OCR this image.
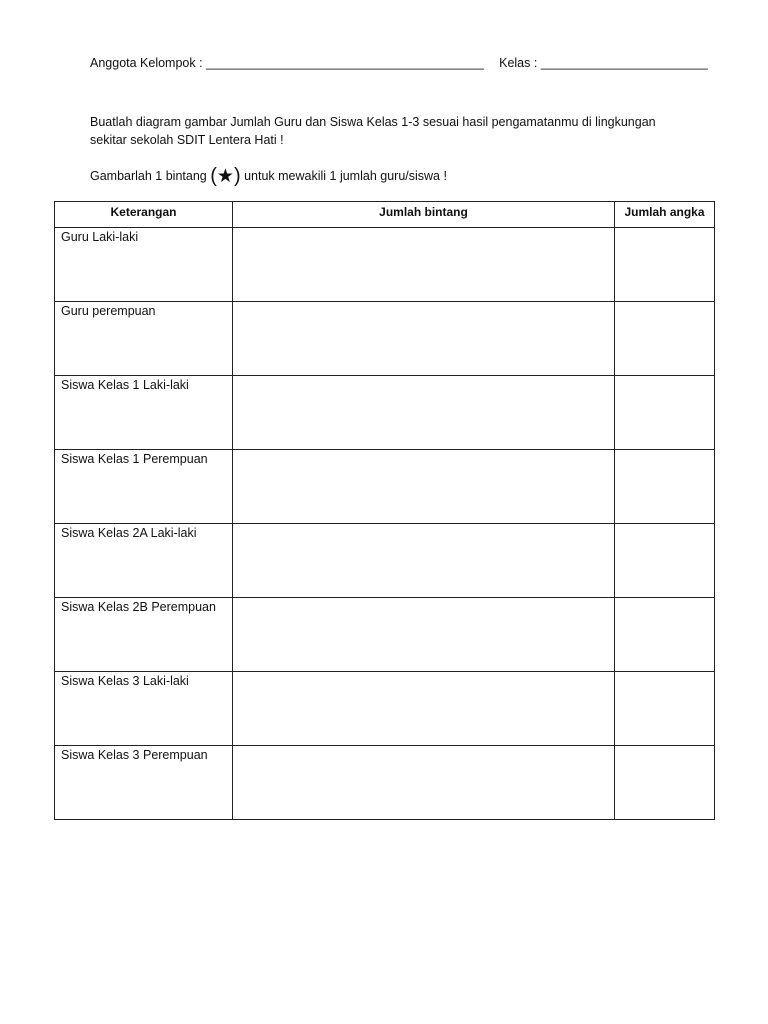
Anggota Kelompok : ________________________________________ Kelas : ________________________
Buatlah diagram gambar Jumlah Guru dan Siswa Kelas 1-3 sesuai hasil pengamatanmu di lingkungan sekitar sekolah SDIT Lentera Hati !
Gambarlah 1 bintang (★) untuk mewakili 1 jumlah guru/siswa !
Keterangan	Jumlah bintang	Jumlah angka
Guru Laki-laki		
Guru perempuan		
Siswa Kelas 1 Laki-laki		
Siswa Kelas 1 Perempuan		
Siswa Kelas 2A Laki-laki		
Siswa Kelas 2B Perempuan		
Siswa Kelas 3 Laki-laki		
Siswa Kelas 3 Perempuan		
